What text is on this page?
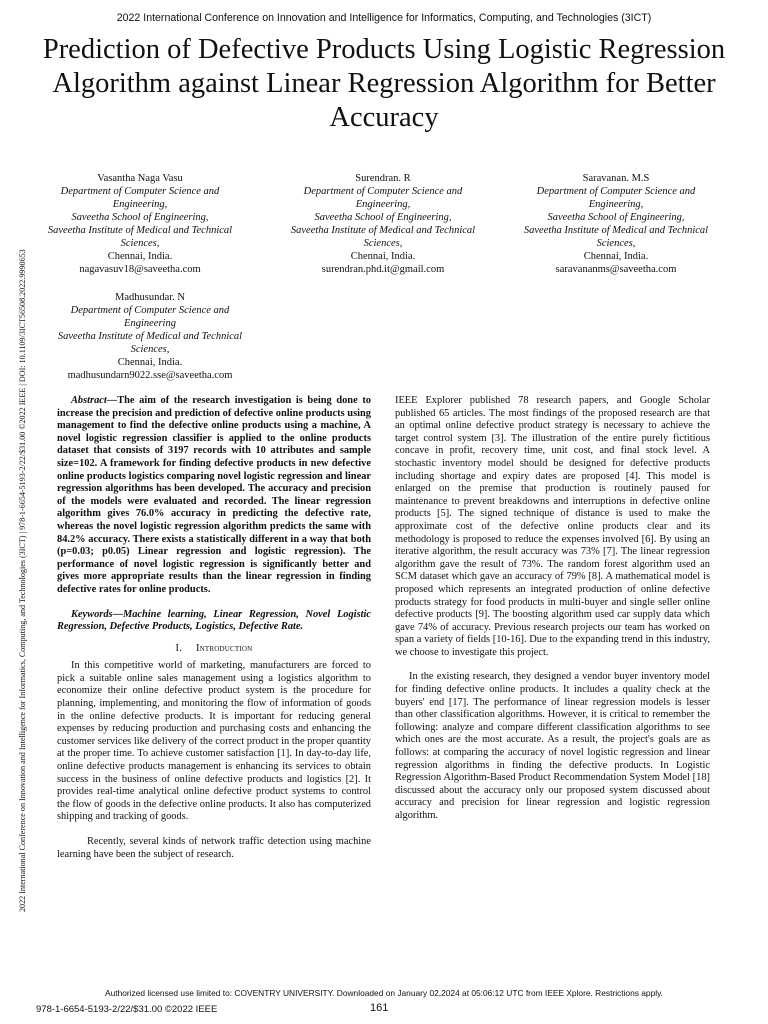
2022 International Conference on Innovation and Intelligence for Informatics, Computing, and Technologies (3ICT)
Prediction of Defective Products Using Logistic Regression Algorithm against Linear Regression Algorithm for Better Accuracy
2022 International Conference on Innovation and Intelligence for Informatics, Computing, and Technologies (3ICT) | 978-1-6654-5193-2/22/$31.00 ©2022 IEEE | DOI: 10.1109/3ICT56508.2022.9990653
Vasantha Naga Vasu
Department of Computer Science and Engineering,
Saveetha School of Engineering,
Saveetha Institute of Medical and Technical Sciences,
Chennai, India.
nagavasuv18@saveetha.com
Surendran. R
Department of Computer Science and Engineering,
Saveetha School of Engineering,
Saveetha Institute of Medical and Technical Sciences,
Chennai, India.
surendran.phd.it@gmail.com
Saravanan. M.S
Department of Computer Science and Engineering,
Saveetha School of Engineering,
Saveetha Institute of Medical and Technical Sciences,
Chennai, India.
saravananms@saveetha.com
Madhusundar. N
Department of Computer Science and Engineering
Saveetha Institute of Medical and Technical Sciences,
Chennai, India.
madhusundarn9022.sse@saveetha.com

Abstract—The aim of the research investigation is being done to increase the precision and prediction of defective online products using management to find the defective online products using a machine, A novel logistic regression classifier is applied to the online products dataset that consists of 3197 records with 10 attributes and sample size=102. A framework for finding defective products in new defective online products logistics comparing novel logistic regression and linear regression algorithms has been developed. The accuracy and precision of the models were evaluated and recorded. The linear regression algorithm gives 76.0% accuracy in predicting the defective rate, whereas the novel logistic regression algorithm predicts the same with 84.2% accuracy. There exists a statistically different in a way that both (p=0.03; p0.05) Linear regression and logistic regression). The performance of novel logistic regression is significantly better and gives more appropriate results than the linear regression in finding defective rates for online products.

Keywords—Machine learning, Linear Regression, Novel Logistic Regression, Defective Products, Logistics, Defective Rate.

I. Introduction

In this competitive world of marketing, manufacturers are forced to pick a suitable online sales management using a logistics algorithm to economize their online defective product system is the procedure for planning, implementing, and monitoring the flow of information of goods in the online defective products. It is important for reducing general expenses by reducing production and purchasing costs and enhancing the customer services like delivery of the correct product in the proper quantity at the proper time. To achieve customer satisfaction [1]. In day-to-day life, online defective products management is enhancing its services to obtain success in the business of online defective products and logistics [2]. It provides real-time analytical online defective product systems to control the flow of goods in the defective online products. It also has computerized shipping and tracking of goods.

Recently, several kinds of network traffic detection using machine learning have been the subject of research.

IEEE Explorer published 78 research papers, and Google Scholar published 65 articles. The most findings of the proposed research are that an optimal online defective product strategy is necessary to achieve the target control system [3]. The illustration of the entire purely fictitious concave in profit, recovery time, unit cost, and final stock level. A stochastic inventory model should be designed for defective products including shortage and expiry dates are proposed [4]. This model is enlarged on the premise that production is routinely paused for maintenance to prevent breakdowns and interruptions in defective online products [5]. The signed technique of distance is used to make the approximate cost of the defective online products clear and its methodology is proposed to reduce the expenses involved [6]. By using an iterative algorithm, the result accuracy was 73% [7]. The linear regression algorithm gave the result of 73%. The random forest algorithm used an SCM dataset which gave an accuracy of 79% [8]. A mathematical model is proposed which represents an integrated production of online defective products strategy for food products in multi-buyer and single seller online defective products [9]. The boosting algorithm used car supply data which gave 74% of accuracy. Previous research projects our team has worked on span a variety of fields [10-16]. Due to the expanding trend in this industry, we choose to investigate this project.

In the existing research, they designed a vendor buyer inventory model for finding defective online products. It includes a quality check at the buyers' end [17]. The performance of linear regression models is lesser than other classification algorithms. However, it is critical to remember the following: analyze and compare different classification algorithms to see which ones are the most accurate. As a result, the project's goals are as follows: at comparing the accuracy of novel logistic regression and linear regression algorithms in finding the defective products. In Logistic Regression Algorithm-Based Product Recommendation System Model [18] discussed about the accuracy only our proposed system discussed about accuracy and precision for linear regression and logistic regression algorithm.

Authorized licensed use limited to: COVENTRY UNIVERSITY. Downloaded on January 02,2024 at 05:06:12 UTC from IEEE Xplore. Restrictions apply.
978-1-6654-5193-2/22/$31.00 ©2022 IEEE	161
